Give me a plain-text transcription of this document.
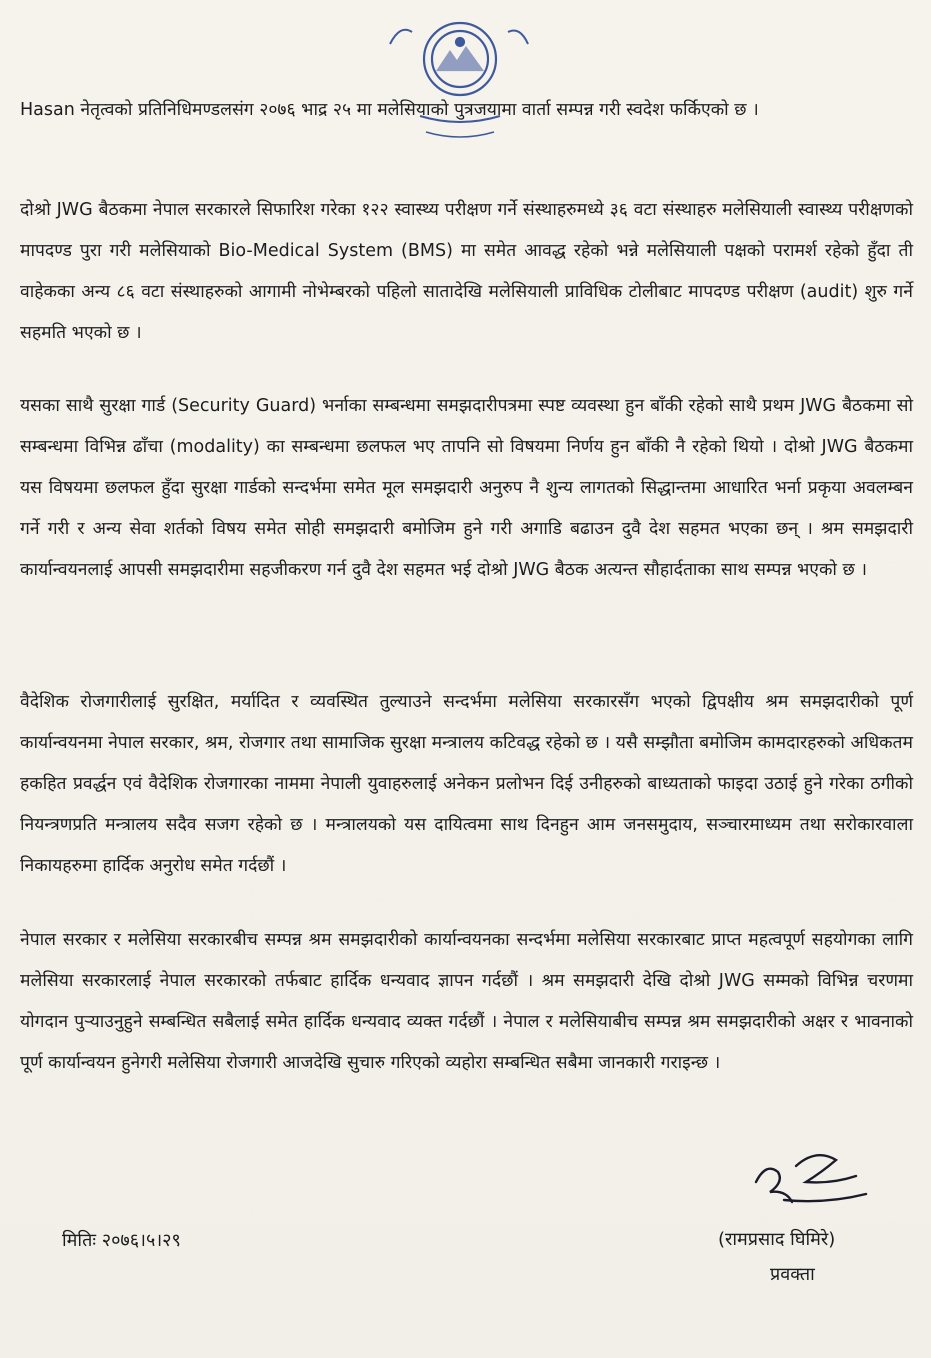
Hasan नेतृत्वको प्रतिनिधिमण्डलसंग २०७६ भाद्र २५ मा मलेसियाको पुत्रजयामा वार्ता सम्पन्न गरी स्वदेश फर्किएको छ ।

दोश्रो JWG बैठकमा नेपाल सरकारले सिफारिश गरेका १२२ स्वास्थ्य परीक्षण गर्ने संस्थाहरुमध्ये ३६ वटा संस्थाहरु मलेसियाली स्वास्थ्य परीक्षणको मापदण्ड पुरा गरी मलेसियाको Bio-Medical System (BMS) मा समेत आवद्ध रहेको भन्ने मलेसियाली पक्षको परामर्श रहेको हुँदा ती वाहेकका अन्य ८६ वटा संस्थाहरुको आगामी नोभेम्बरको पहिलो सातादेखि मलेसियाली प्राविधिक टोलीबाट मापदण्ड परीक्षण (audit) शुरु गर्ने सहमति भएको छ ।

यसका साथै सुरक्षा गार्ड (Security Guard) भर्नाका सम्बन्धमा समझदारीपत्रमा स्पष्ट व्यवस्था हुन बाँकी रहेको साथै प्रथम JWG बैठकमा सो सम्बन्धमा विभिन्न ढाँचा (modality) का सम्बन्धमा छलफल भए तापनि सो विषयमा निर्णय हुन बाँकी नै रहेको थियो । दोश्रो JWG बैठकमा यस विषयमा छलफल हुँदा सुरक्षा गार्डको सन्दर्भमा समेत मूल समझदारी अनुरुप नै शुन्य लागतको सिद्धान्तमा आधारित भर्ना प्रकृया अवलम्बन गर्ने गरी र अन्य सेवा शर्तको विषय समेत सोही समझदारी बमोजिम हुने गरी अगाडि बढाउन दुवै देश सहमत भएका छन् । श्रम समझदारी कार्यान्वयनलाई आपसी समझदारीमा सहजीकरण गर्न दुवै देश सहमत भई दोश्रो JWG बैठक अत्यन्त सौहार्दताका साथ सम्पन्न भएको छ ।

वैदेशिक रोजगारीलाई सुरक्षित, मर्यादित र व्यवस्थित तुल्याउने सन्दर्भमा मलेसिया सरकारसँग भएको द्विपक्षीय श्रम समझदारीको पूर्ण कार्यान्वयनमा नेपाल सरकार, श्रम, रोजगार तथा सामाजिक सुरक्षा मन्त्रालय कटिवद्ध रहेको छ । यसै सम्झौता बमोजिम कामदारहरुको अधिकतम हकहित प्रवर्द्धन एवं वैदेशिक रोजगारका नाममा नेपाली युवाहरुलाई अनेकन प्रलोभन दिई उनीहरुको बाध्यताको फाइदा उठाई हुने गरेका ठगीको नियन्त्रणप्रति मन्त्रालय सदैव सजग रहेको छ । मन्त्रालयको यस दायित्वमा साथ दिनहुन आम जनसमुदाय, सञ्चारमाध्यम तथा सरोकारवाला निकायहरुमा हार्दिक अनुरोध समेत गर्दछौं ।

नेपाल सरकार र मलेसिया सरकारबीच सम्पन्न श्रम समझदारीको कार्यान्वयनका सन्दर्भमा मलेसिया सरकारबाट प्राप्त महत्वपूर्ण सहयोगका लागि मलेसिया सरकारलाई नेपाल सरकारको तर्फबाट हार्दिक धन्यवाद ज्ञापन गर्दछौं । श्रम समझदारी देखि दोश्रो JWG सम्मको विभिन्न चरणमा योगदान पुर्‍याउनुहुने सम्बन्धित सबैलाई समेत हार्दिक धन्यवाद व्यक्त गर्दछौं । नेपाल र मलेसियाबीच सम्पन्न श्रम समझदारीको अक्षर र भावनाको पूर्ण कार्यान्वयन हुनेगरी मलेसिया रोजगारी आजदेखि सुचारु गरिएको व्यहोरा सम्बन्धित सबैमा जानकारी गराइन्छ ।

मितिः २०७६।५।२९	(रामप्रसाद घिमिरे)
प्रवक्ता
